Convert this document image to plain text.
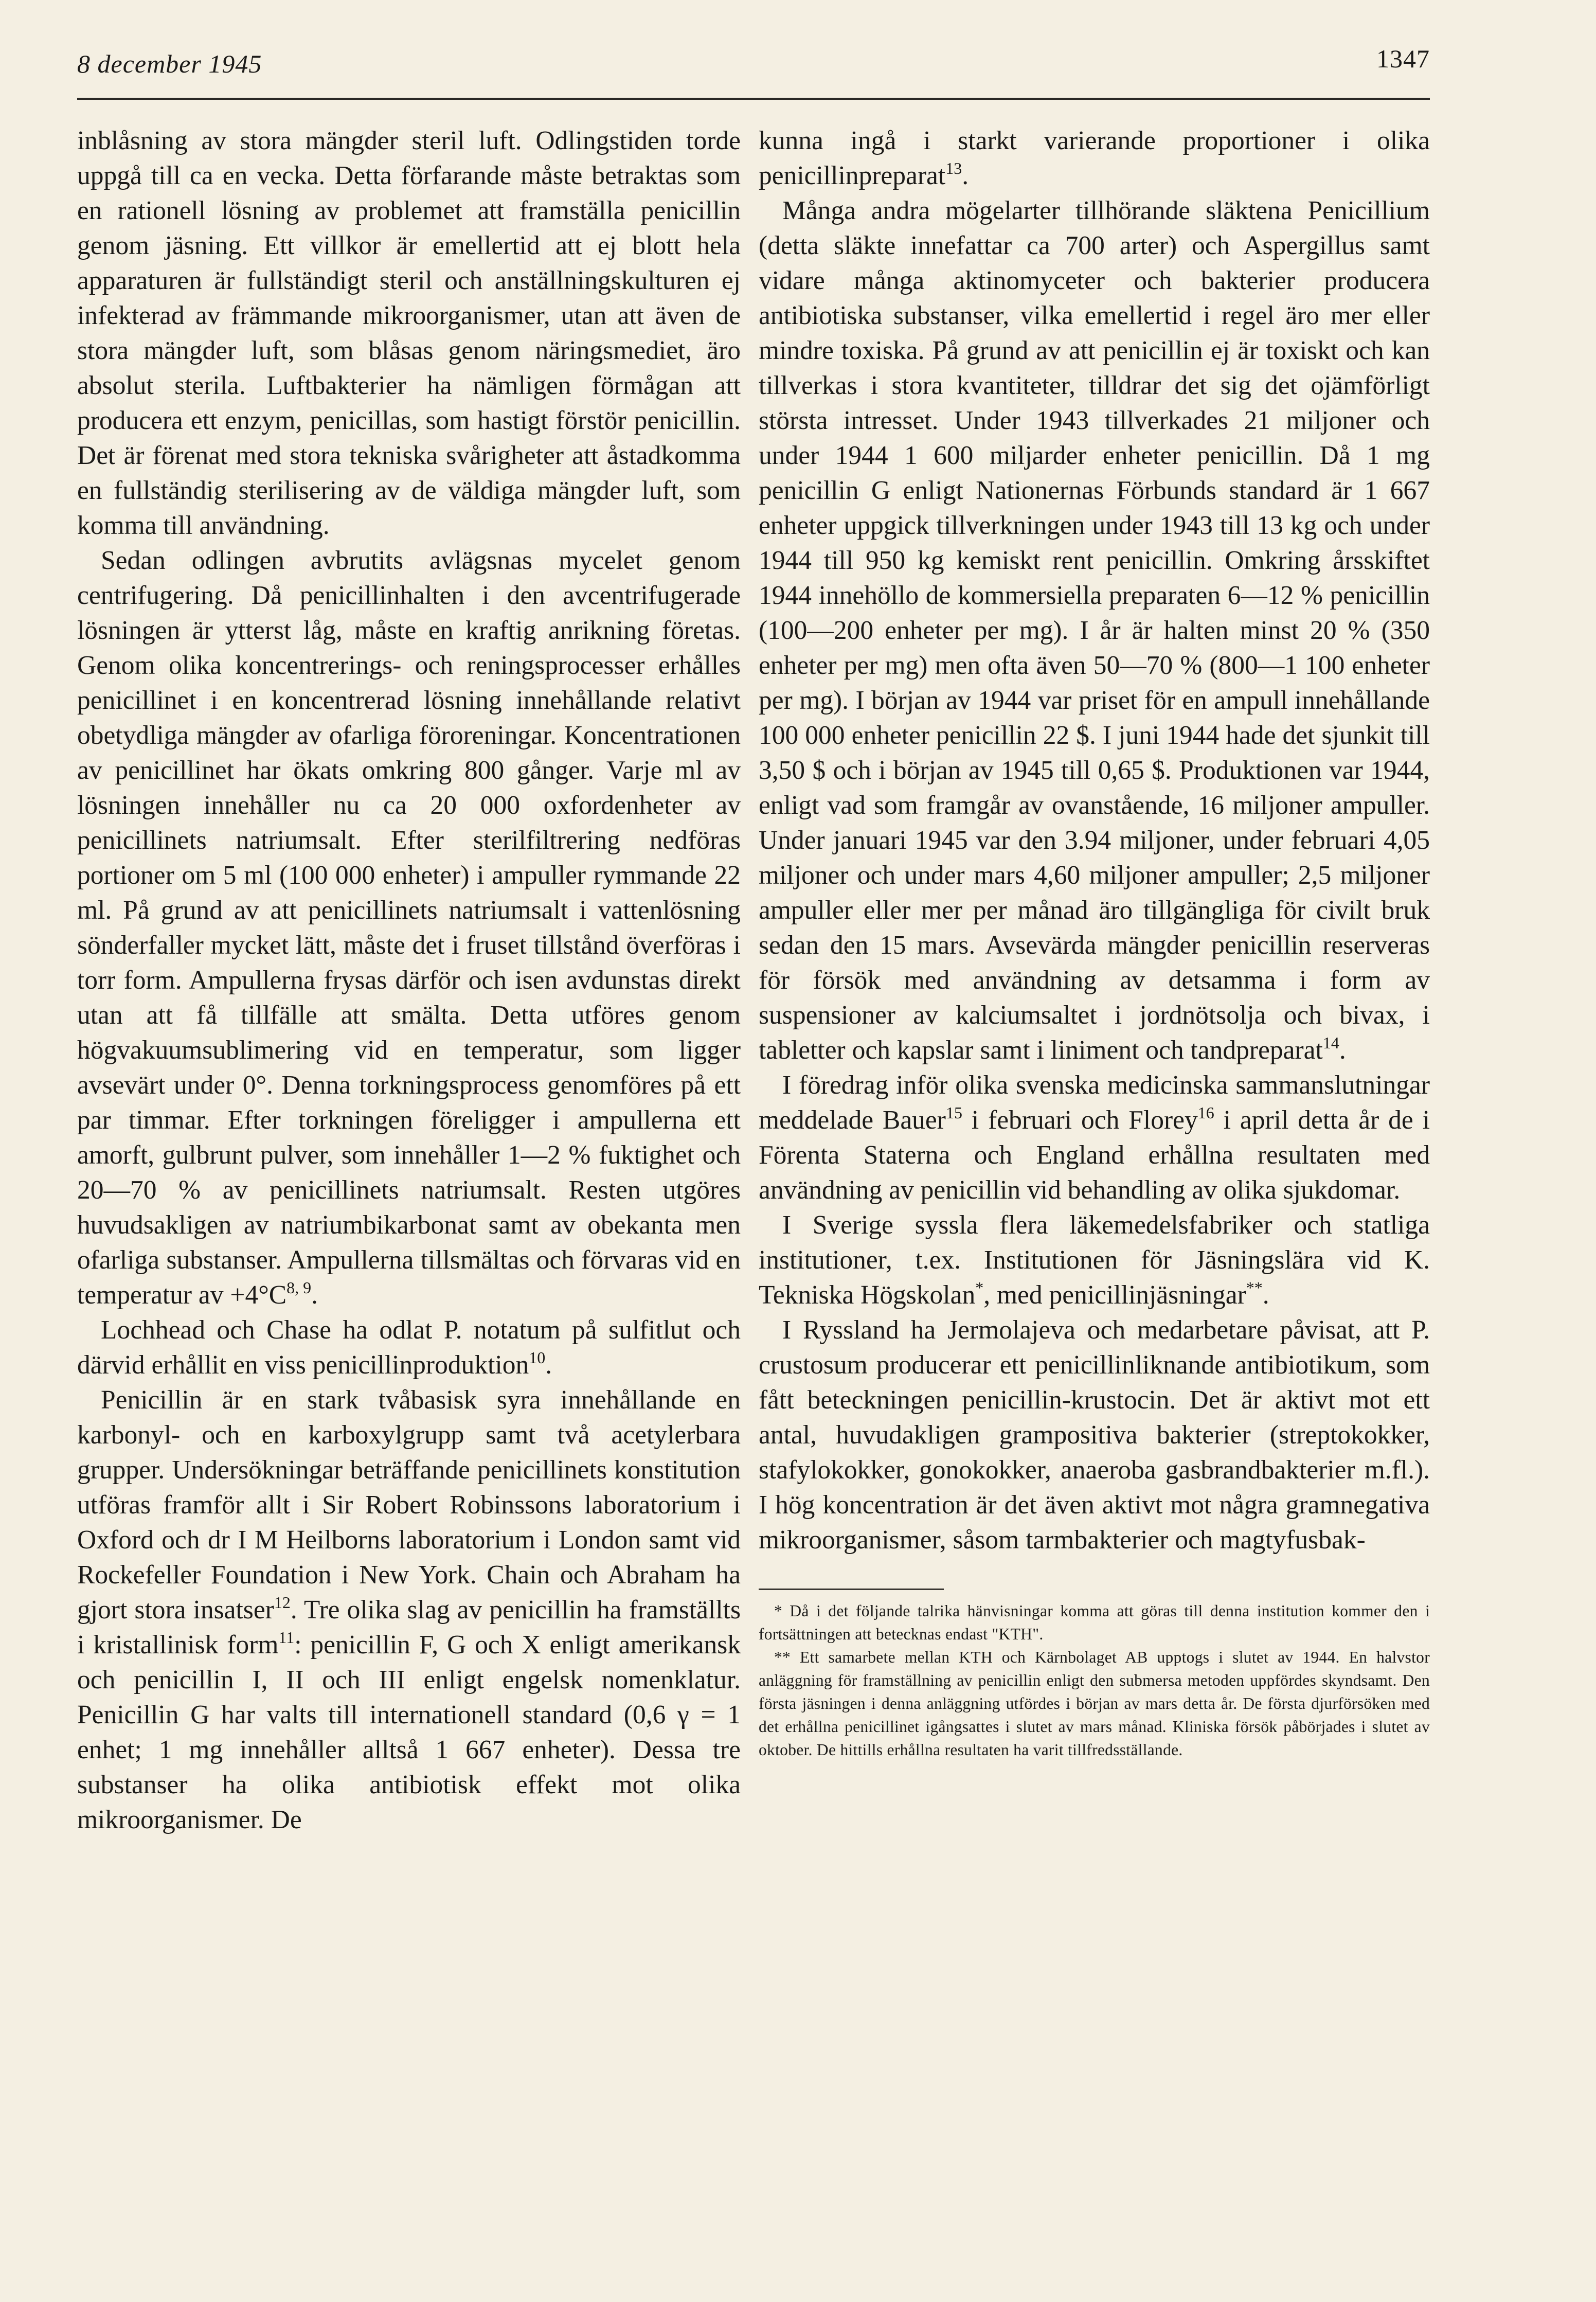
8 december 1945	1347

inblåsning av stora mängder steril luft. Odlingstiden torde uppgå till ca en vecka. Detta förfarande måste betraktas som en rationell lösning av problemet att framställa penicillin genom jäsning. Ett villkor är emellertid att ej blott hela apparaturen är fullständigt steril och anställningskulturen ej infekterad av främmande mikroorganismer, utan att även de stora mängder luft, som blåsas genom näringsmediet, äro absolut sterila. Luftbakterier ha nämligen förmågan att producera ett enzym, penicillas, som hastigt förstör penicillin. Det är förenat med stora tekniska svårigheter att åstadkomma en fullständig sterilisering av de väldiga mängder luft, som komma till användning.

Sedan odlingen avbrutits avlägsnas mycelet genom centrifugering. Då penicillinhalten i den avcentrifugerade lösningen är ytterst låg, måste en kraftig anrikning företas. Genom olika koncentrerings- och reningsprocesser erhålles penicillinet i en koncentrerad lösning innehållande relativt obetydliga mängder av ofarliga föroreningar. Koncentrationen av penicillinet har ökats omkring 800 gånger. Varje ml av lösningen innehåller nu ca 20 000 oxfordenheter av penicillinets natriumsalt. Efter sterilfiltrering nedföras portioner om 5 ml (100 000 enheter) i ampuller rymmande 22 ml. På grund av att penicillinets natriumsalt i vattenlösning sönderfaller mycket lätt, måste det i fruset tillstånd överföras i torr form. Ampullerna frysas därför och isen avdunstas direkt utan att få tillfälle att smälta. Detta utföres genom högvakuumsublimering vid en temperatur, som ligger avsevärt under 0°. Denna torkningsprocess genomföres på ett par timmar. Efter torkningen föreligger i ampullerna ett amorft, gulbrunt pulver, som innehåller 1—2 % fuktighet och 20—70 % av penicillinets natriumsalt. Resten utgöres huvudsakligen av natriumbikarbonat samt av obekanta men ofarliga substanser. Ampullerna tillsmältas och förvaras vid en temperatur av $+4^\circ C^{8, 9}$.

Lochhead och Chase ha odlat P. notatum på sulfitlut och därvid erhållit en viss penicillinproduktion$^{10}$.

Penicillin är en stark tvåbasisk syra innehållande en karbonyl- och en karboxylgrupp samt två acetylerbara grupper. Undersökningar beträffande penicillinets konstitution utföras framför allt i Sir Robert Robinssons laboratorium i Oxford och dr I M Heilborns laboratorium i London samt vid Rockefeller Foundation i New York. Chain och Abraham ha gjort stora insatser$^{12}$. Tre olika slag av penicillin ha framställts i kristallinisk form$^{11}$: penicillin F, G och X enligt amerikansk och penicillin I, II och III enligt engelsk nomenklatur. Penicillin G har valts till internationell standard (0,6 γ = 1 enhet; 1 mg innehåller alltså 1 667 enheter). Dessa tre substanser ha olika antibiotisk effekt mot olika mikroorganismer. De

kunna ingå i starkt varierande proportioner i olika penicillinpreparat$^{13}$.

Många andra mögelarter tillhörande släktena Penicillium (detta släkte innefattar ca 700 arter) och Aspergillus samt vidare många aktinomyceter och bakterier producera antibiotiska substanser, vilka emellertid i regel äro mer eller mindre toxiska. På grund av att penicillin ej är toxiskt och kan tillverkas i stora kvantiteter, tilldrar det sig det ojämförligt största intresset. Under 1943 tillverkades 21 miljoner och under 1944 1 600 miljarder enheter penicillin. Då 1 mg penicillin G enligt Nationernas Förbunds standard är 1 667 enheter uppgick tillverkningen under 1943 till 13 kg och under 1944 till 950 kg kemiskt rent penicillin. Omkring årsskiftet 1944 innehöllo de kommersiella preparaten 6—12 % penicillin (100—200 enheter per mg). I år är halten minst 20 % (350 enheter per mg) men ofta även 50—70 % (800—1 100 enheter per mg). I början av 1944 var priset för en ampull innehållande 100 000 enheter penicillin 22 $. I juni 1944 hade det sjunkit till 3,50 $ och i början av 1945 till 0,65 $. Produktionen var 1944, enligt vad som framgår av ovanstående, 16 miljoner ampuller. Under januari 1945 var den 3.94 miljoner, under februari 4,05 miljoner och under mars 4,60 miljoner ampuller; 2,5 miljoner ampuller eller mer per månad äro tillgängliga för civilt bruk sedan den 15 mars. Avsevärda mängder penicillin reserveras för försök med användning av detsamma i form av suspensioner av kalciumsaltet i jordnötsolja och bivax, i tabletter och kapslar samt i liniment och tandpreparat$^{14}$.

I föredrag inför olika svenska medicinska sammanslutningar meddelade Bauer$^{15}$ i februari och Florey$^{16}$ i april detta år de i Förenta Staterna och England erhållna resultaten med användning av penicillin vid behandling av olika sjukdomar.

I Sverige syssla flera läkemedelsfabriker och statliga institutioner, t.ex. Institutionen för Jäsningslära vid K. Tekniska Högskolan*, med penicillinjäsningar**.

I Ryssland ha Jermolajeva och medarbetare påvisat, att P. crustosum producerar ett penicillinliknande antibiotikum, som fått beteckningen penicillin-krustocin. Det är aktivt mot ett antal, huvudakligen grampositiva bakterier (streptokokker, stafylokokker, gonokokker, anaeroba gasbrandbakterier m.fl.). I hög koncentration är det även aktivt mot några gramnegativa mikroorganismer, såsom tarmbakterier och magtyfusbak-

* Då i det följande talrika hänvisningar komma att göras till denna institution kommer den i fortsättningen att betecknas endast "KTH".

** Ett samarbete mellan KTH och Kärnbolaget AB upptogs i slutet av 1944. En halvstor anläggning för framställning av penicillin enligt den submersa metoden uppfördes skyndsamt. Den första jäsningen i denna anläggning utfördes i början av mars detta år. De första djurförsöken med det erhållna penicillinet igångsattes i slutet av mars månad. Kliniska försök påbörjades i slutet av oktober. De hittills erhållna resultaten ha varit tillfredsställande.
